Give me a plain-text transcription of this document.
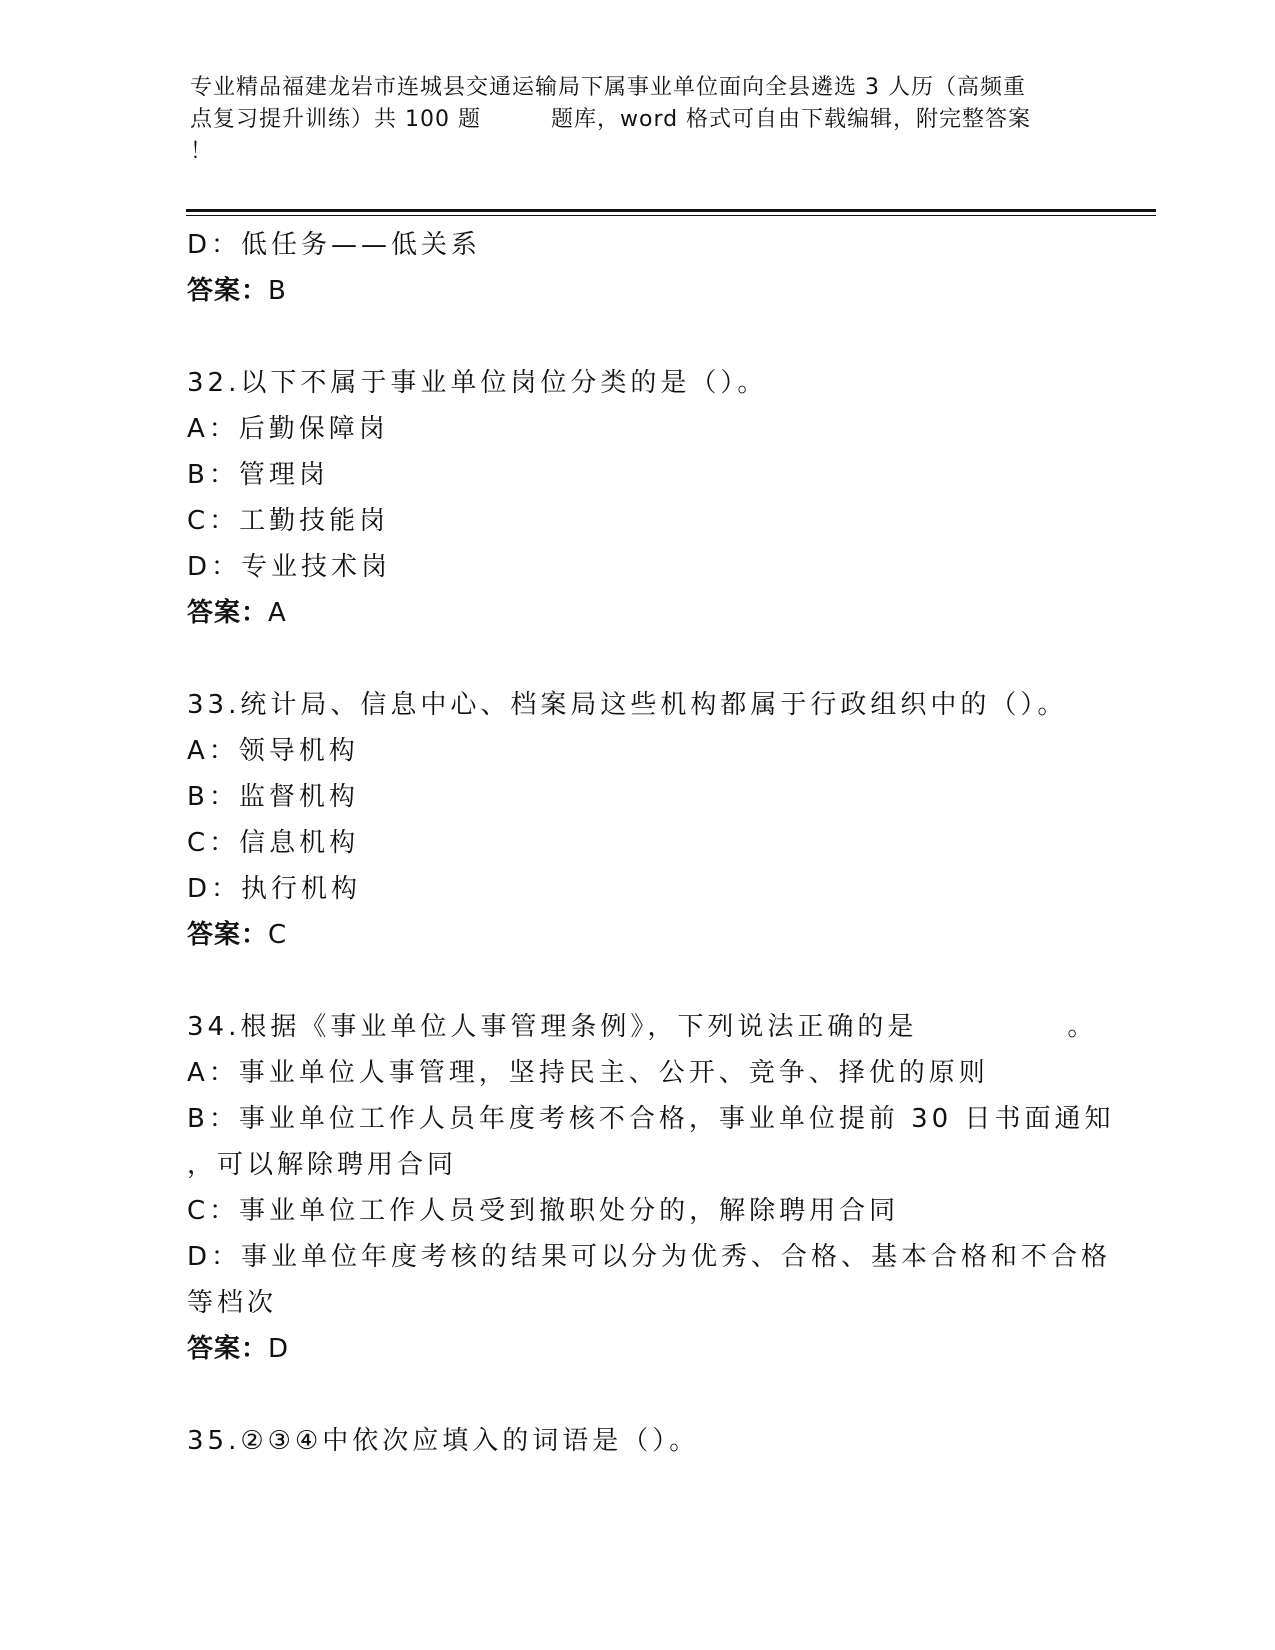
专业精品福建龙岩市连城县交通运输局下属事业单位面向全县遴选 3 人历（高频重
点复习提升训练）共 100 题	题库，word 格式可自由下载编辑，附完整答案
！
D：低任务——低关系
答案：B
32.以下不属于事业单位岗位分类的是（）。
A：后勤保障岗
B：管理岗
C：工勤技能岗
D：专业技术岗
答案：A
33.统计局、信息中心、档案局这些机构都属于行政组织中的（）。
A：领导机构
B：监督机构
C：信息机构
D：执行机构
答案：C
34.根据《事业单位人事管理条例》，下列说法正确的是	。
A：事业单位人事管理，坚持民主、公开、竞争、择优的原则
B：事业单位工作人员年度考核不合格，事业单位提前 30 日书面通知
，可以解除聘用合同
C：事业单位工作人员受到撤职处分的，解除聘用合同
D：事业单位年度考核的结果可以分为优秀、合格、基本合格和不合格
等档次
答案：D
35.②③④中依次应填入的词语是（）。
